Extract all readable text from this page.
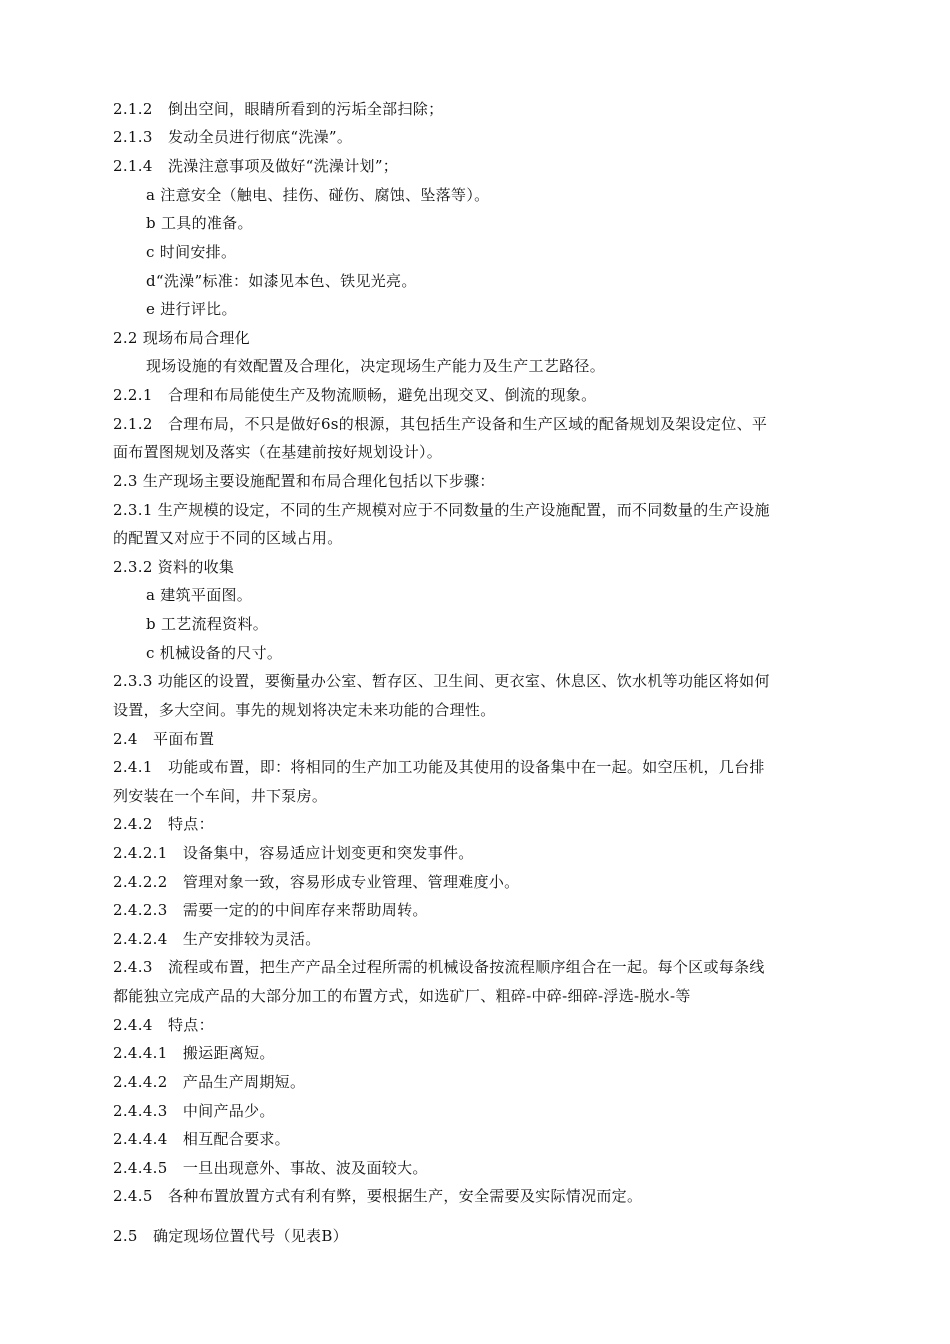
2.1.2　倒出空间，眼睛所看到的污垢全部扫除；
2.1.3　发动全员进行彻底“洗澡”。
2.1.4　洗澡注意事项及做好“洗澡计划”；
a 注意安全（触电、挂伤、碰伤、腐蚀、坠落等）。
b 工具的准备。
c 时间安排。
d“洗澡”标准：如漆见本色、铁见光亮。
e 进行评比。
2.2 现场布局合理化
现场设施的有效配置及合理化，决定现场生产能力及生产工艺路径。
2.2.1　合理和布局能使生产及物流顺畅，避免出现交叉、倒流的现象。
2.1.2　合理布局，不只是做好6s的根源，其包括生产设备和生产区域的配备规划及架设定位、平
面布置图规划及落实（在基建前按好规划设计）。
2.3 生产现场主要设施配置和布局合理化包括以下步骤：
2.3.1 生产规模的设定，不同的生产规模对应于不同数量的生产设施配置，而不同数量的生产设施
的配置又对应于不同的区域占用。
2.3.2 资料的收集
a 建筑平面图。
b 工艺流程资料。
c 机械设备的尺寸。
2.3.3 功能区的设置，要衡量办公室、暂存区、卫生间、更衣室、休息区、饮水机等功能区将如何
设置，多大空间。事先的规划将决定未来功能的合理性。
2.4　平面布置
2.4.1　功能或布置，即：将相同的生产加工功能及其使用的设备集中在一起。如空压机，几台排
列安装在一个车间，井下泵房。
2.4.2　特点：
2.4.2.1　设备集中，容易适应计划变更和突发事件。
2.4.2.2　管理对象一致，容易形成专业管理、管理难度小。
2.4.2.3　需要一定的的中间库存来帮助周转。
2.4.2.4　生产安排较为灵活。
2.4.3　流程或布置，把生产产品全过程所需的机械设备按流程顺序组合在一起。每个区或每条线
都能独立完成产品的大部分加工的布置方式，如选矿厂、粗碎-中碎-细碎-浮选-脱水-等
2.4.4　特点：
2.4.4.1　搬运距离短。
2.4.4.2　产品生产周期短。
2.4.4.3　中间产品少。
2.4.4.4　相互配合要求。
2.4.4.5　一旦出现意外、事故、波及面较大。
2.4.5　各种布置放置方式有利有弊，要根据生产，安全需要及实际情况而定。
2.5　确定现场位置代号（见表B）
